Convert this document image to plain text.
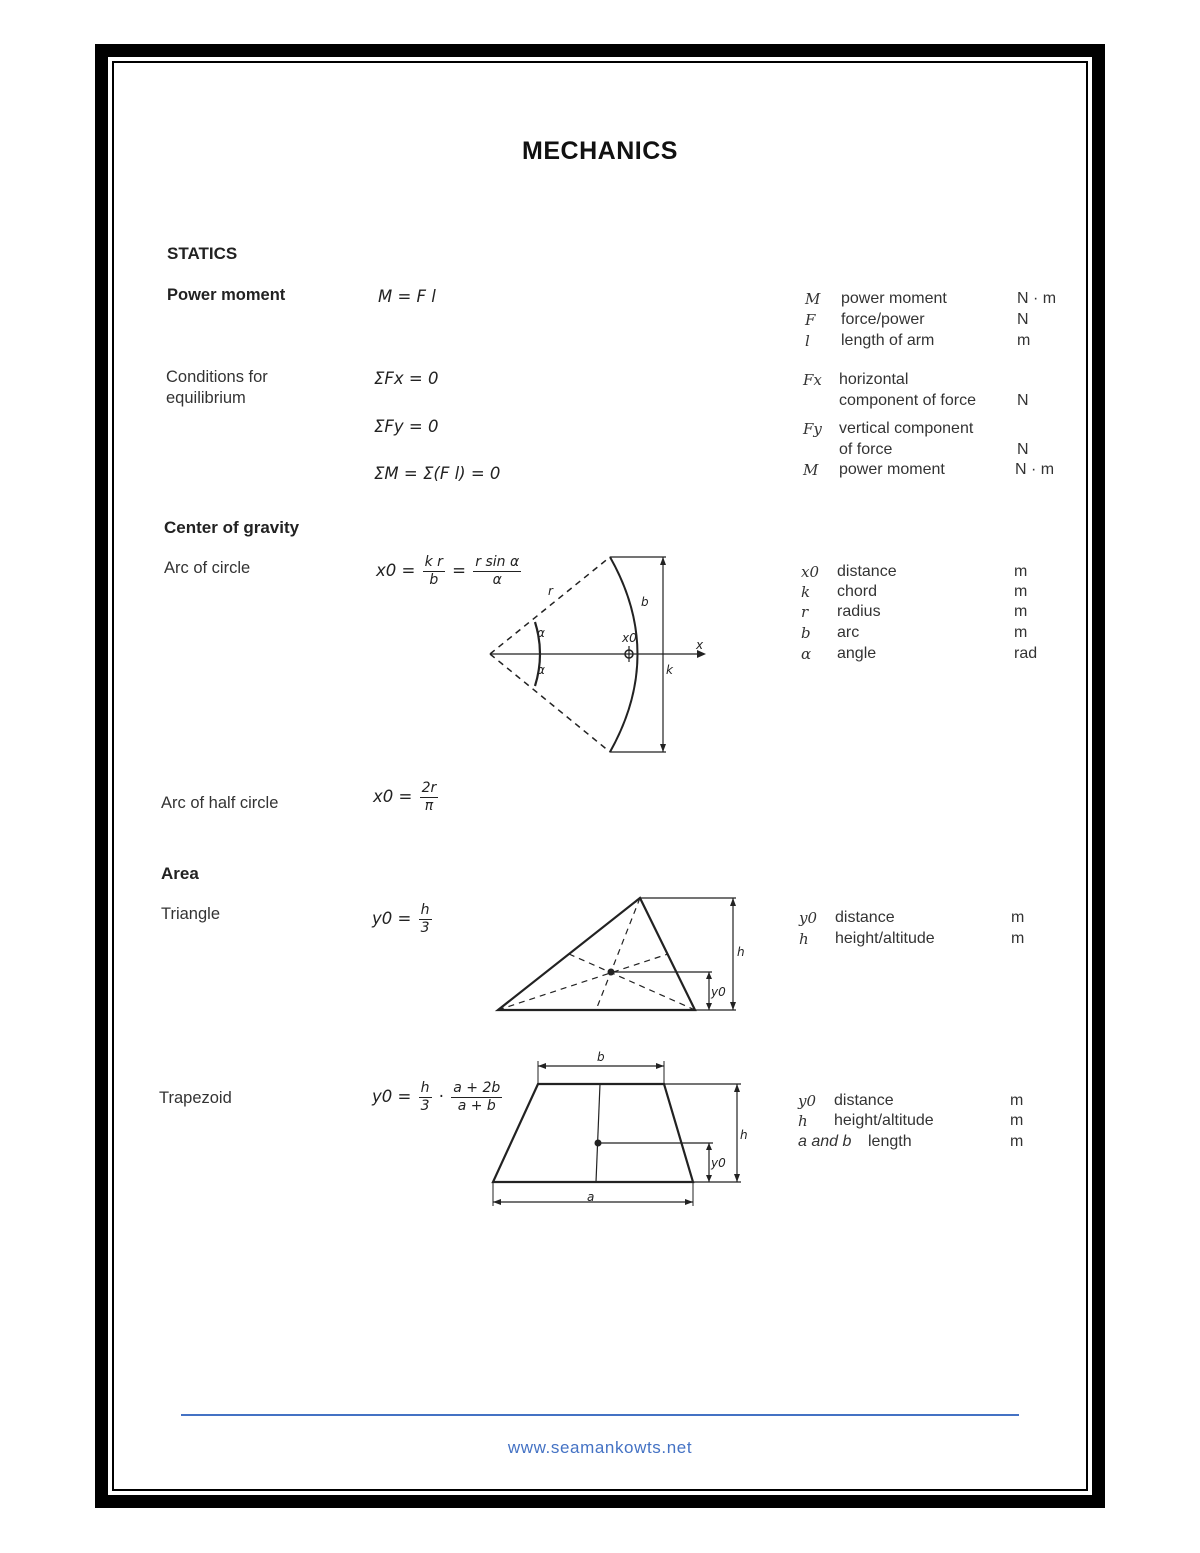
MECHANICS
STATICS
Power moment	M = F l	M power moment	N · m
F force/power	N
l length of arm	m
Conditions for
equilibrium
ΣFx = 0
ΣFy = 0
ΣM = Σ(F l) = 0
Fx horizontal
component of force	N
Fy vertical component
of force	N
M power moment	N · m
Center of gravity
Arc of circle	$x0 = \frac{\text{k r}}{b} = \frac{\text{r sin α}}{\alpha}$
r
b
α
α
x0	x
k
x0 distance	m
k chord	m
r radius	m
b arc	m
α angle	rad
Arc of half circle	$x0 = \frac{2r}{\pi}$
Area
Triangle	$y0 = \frac{h}{3}$
h
y0
y0 distance	m
h height/altitude	m
Trapezoid	$y0 = \frac{h}{3} \cdot \frac{a + 2b}{a + b}$
b
a
h
y0
y0 distance	m
h height/altitude	m
a and b length	m
www.seamankowts.net
